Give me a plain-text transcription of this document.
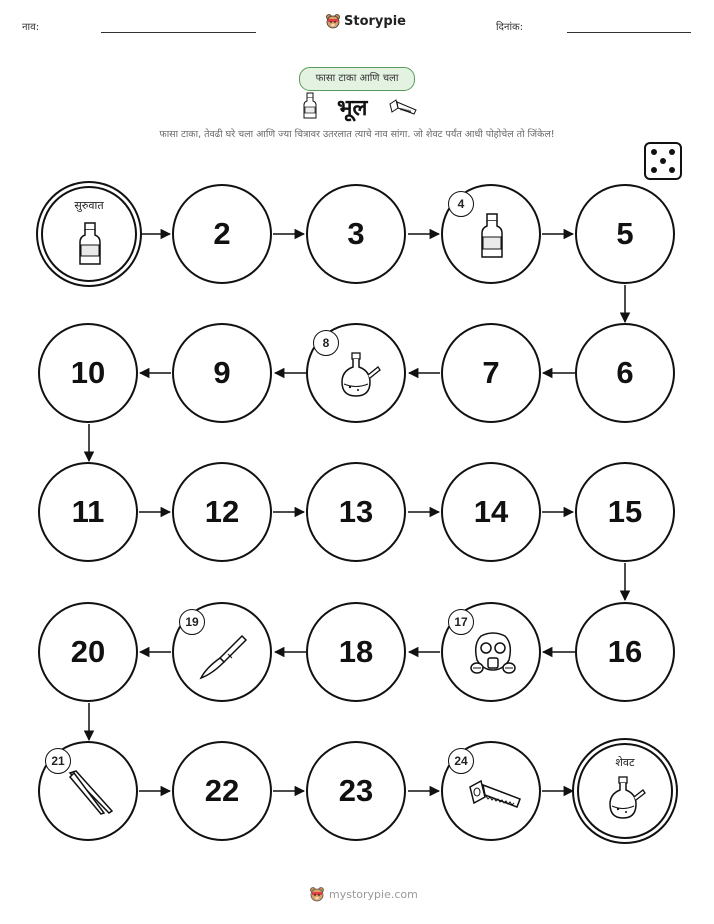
नाव:	Storypie	दिनांक:
फासा टाका आणि चला
भूल
फासा टाका, तेवढी घरे चला आणि ज्या चित्रावर उतरलात त्याचे नाव सांगा. जो शेवट पर्यंत आधी पोहोचेल तो जिंकेल!
सुरुवात
2	3
4
5
10	9
8
7	6
11	12	13	14	15
20
19
18
17
16
21
22	23
24	शेवट
mystorypie.com
